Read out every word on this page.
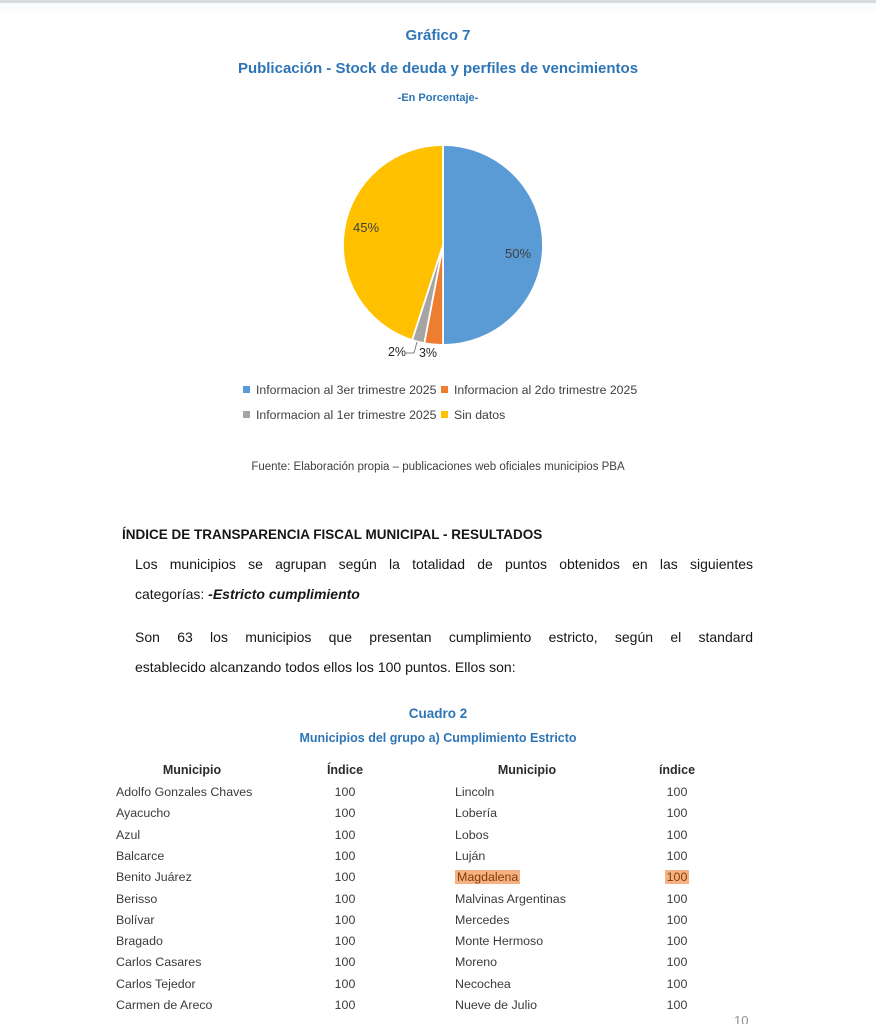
Gráfico 7
Publicación - Stock de deuda y perfiles de vencimientos
-En Porcentaje-
50%
3%
2%
45%
Informacion al 3er trimestre 2025 Informacion al 2do trimestre 2025
Informacion al 1er trimestre 2025 Sin datos
Fuente: Elaboración propia – publicaciones web oficiales municipios PBA
ÍNDICE DE TRANSPARENCIA FISCAL MUNICIPAL - RESULTADOS
Los municipios se agrupan según la totalidad de puntos obtenidos en las siguientes
categorías: -Estricto cumplimiento
Son 63 los municipios que presentan cumplimiento estricto, según el standard
establecido alcanzando todos ellos los 100 puntos. Ellos son:
Cuadro 2
Municipios del grupo a) Cumplimiento Estricto
Municipio	Índice	Municipio	índice
Adolfo Gonzales Chaves	100	Lincoln	100
Ayacucho	100	Lobería	100
Azul	100	Lobos	100
Balcarce	100	Luján	100
Benito Juárez	100	Magdalena	100
Berisso	100	Malvinas Argentinas	100
Bolívar	100	Mercedes	100
Bragado	100	Monte Hermoso	100
Carlos Casares	100	Moreno	100
Carlos Tejedor	100	Necochea	100
Carmen de Areco	100	Nueve de Julio	100
10
